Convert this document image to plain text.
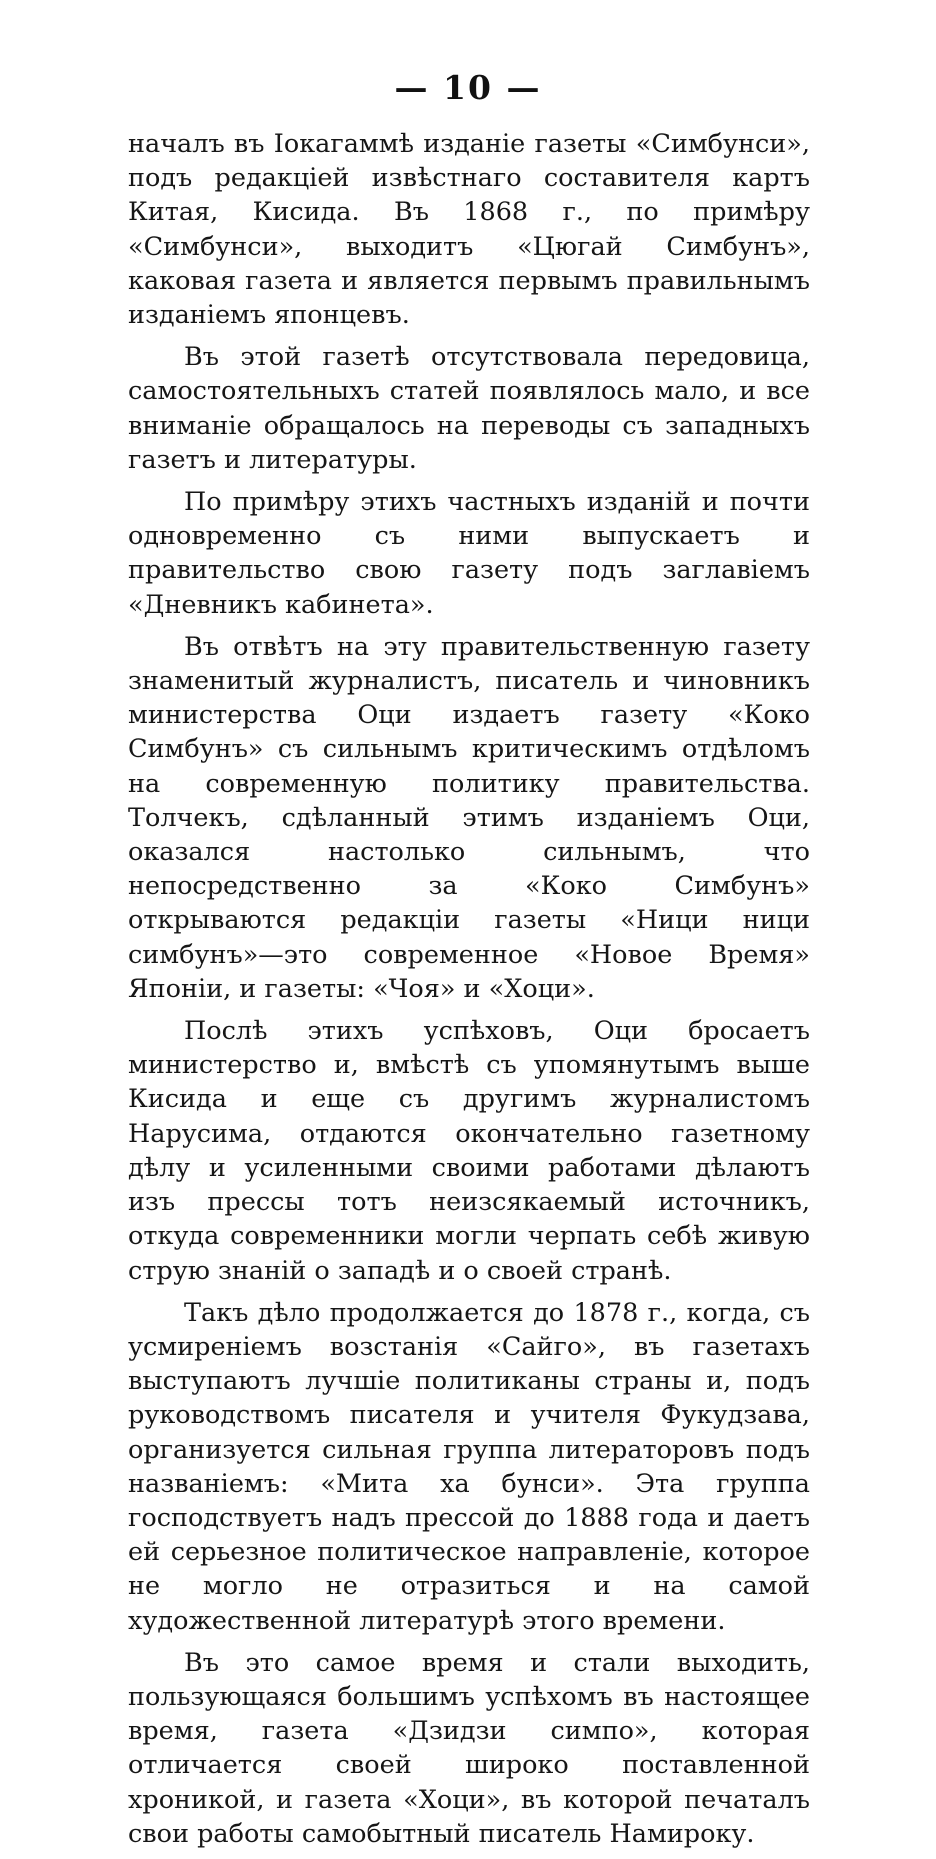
— 10 —

началъ въ Іокагаммѣ изданіе газеты «Симбунси», подъ редакціей извѣстнаго составителя картъ Китая, Кисида. Въ 1868 г., по примѣру «Симбунси», выходитъ «Цюгай Симбунъ», каковая газета и является первымъ правильнымъ изданіемъ японцевъ.

Въ этой газетѣ отсутствовала передовица, самостоятельныхъ статей появлялось мало, и все вниманіе обращалось на переводы съ западныхъ газетъ и литературы.

По примѣру этихъ частныхъ изданій и почти одновременно съ ними выпускаетъ и правительство свою газету подъ заглавіемъ «Дневникъ кабинета».

Въ отвѣтъ на эту правительственную газету знаменитый журналистъ, писатель и чиновникъ министерства Оци издаетъ газету «Коко Симбунъ» съ сильнымъ критическимъ отдѣломъ на современную политику правительства. Толчекъ, сдѣланный этимъ изданіемъ Оци, оказался настолько сильнымъ, что непосредственно за «Коко Симбунъ» открываются редакціи газеты «Ници ници симбунъ»—это современное «Новое Время» Японіи, и газеты: «Чоя» и «Хоци».

Послѣ этихъ успѣховъ, Оци бросаетъ министерство и, вмѣстѣ съ упомянутымъ выше Кисида и еще съ другимъ журналистомъ Нарусима, отдаются окончательно газетному дѣлу и усиленными своими работами дѣлаютъ изъ прессы тотъ неизсякаемый источникъ, откуда современники могли черпать себѣ живую струю знаній о западѣ и о своей странѣ.

Такъ дѣло продолжается до 1878 г., когда, съ усмиреніемъ возстанія «Сайго», въ газетахъ выступаютъ лучшіе политиканы страны и, подъ руководствомъ писателя и учителя Фукудзава, организуется сильная группа литераторовъ подъ названіемъ: «Мита ха бунси». Эта группа господствуетъ надъ прессой до 1888 года и даетъ ей серьезное политическое направленіе, которое не могло не отразиться и на самой художественной литературѣ этого времени.

Въ это самое время и стали выходить, пользующаяся большимъ успѣхомъ въ настоящее время, газета «Дзидзи симпо», которая отличается своей широко поставленной хроникой, и газета «Хоци», въ которой печаталъ свои работы самобытный писатель Намироку.
